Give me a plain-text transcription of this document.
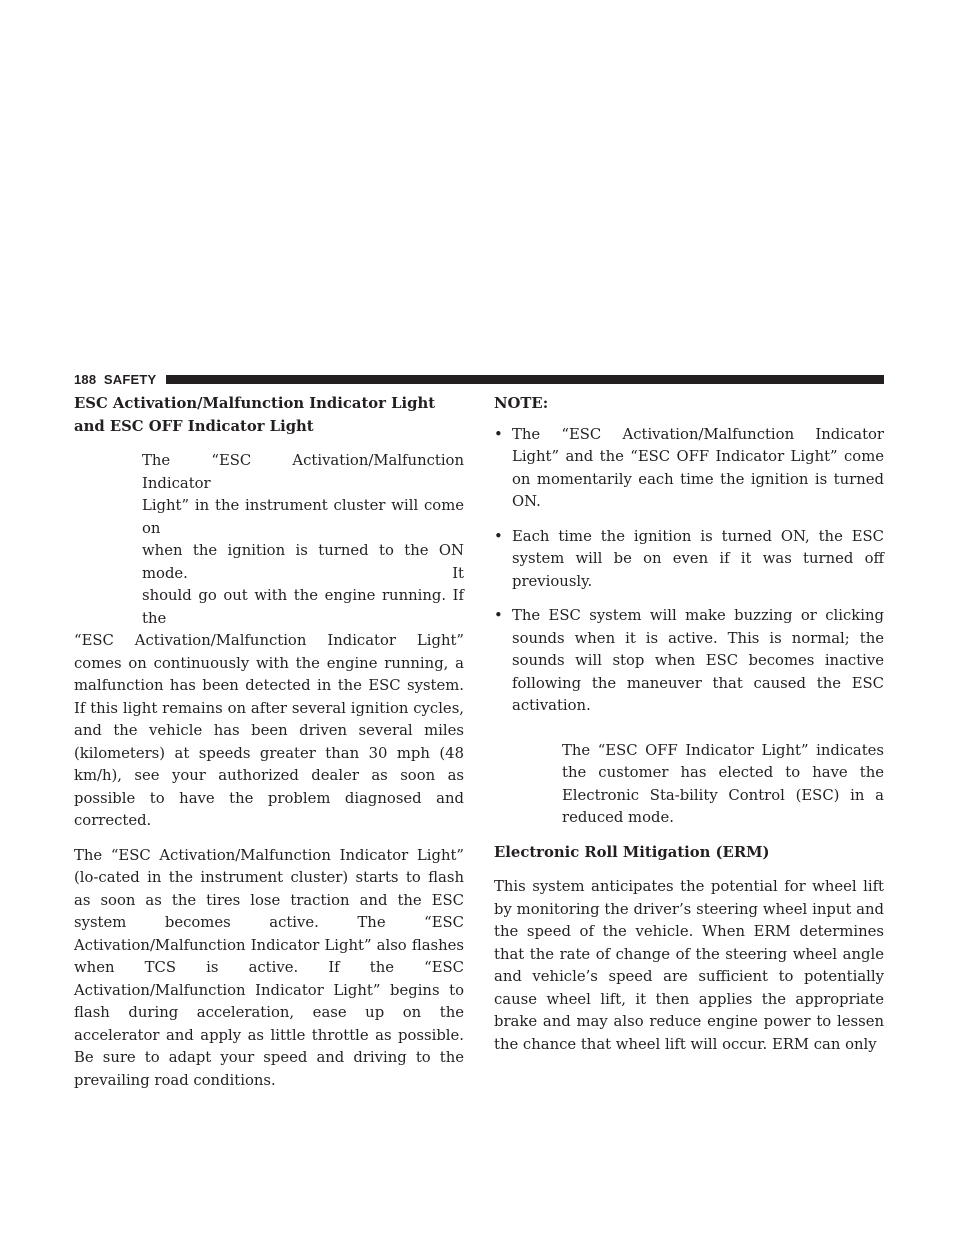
188 SAFETY
ESC Activation/Malfunction Indicator Light and ESC OFF Indicator Light

The “ESC Activation/Malfunction Indicator

Light” in the instrument cluster will come on

when the ignition is turned to the ON mode. It

should go out with the engine running. If the

“ESC Activation/Malfunction Indicator Light” comes on continuously with the engine running, a malfunction has been detected in the ESC system. If this light remains on after several ignition cycles, and the vehicle has been driven several miles (kilometers) at speeds greater than 30 mph (48 km/h), see your authorized dealer as soon as possible to have the problem diagnosed and corrected.

The “ESC Activation/Malfunction Indicator Light” (lo-cated in the instrument cluster) starts to flash as soon as the tires lose traction and the ESC system becomes active. The “ESC Activation/Malfunction Indicator Light” also flashes when TCS is active. If the “ESC Activation/Malfunction Indicator Light” begins to flash during acceleration, ease up on the accelerator and apply as little throttle as possible. Be sure to adapt your speed and driving to the prevailing road conditions.

NOTE:
• The “ESC Activation/Malfunction Indicator Light” and the “ESC OFF Indicator Light” come on momentarily each time the ignition is turned ON.
• Each time the ignition is turned ON, the ESC system will be on even if it was turned off previously.
• The ESC system will make buzzing or clicking sounds when it is active. This is normal; the sounds will stop when ESC becomes inactive following the maneuver that caused the ESC activation.

The “ESC OFF Indicator Light” indicates the customer has elected to have the Electronic Sta-bility Control (ESC) in a reduced mode.

Electronic Roll Mitigation (ERM)

This system anticipates the potential for wheel lift by monitoring the driver’s steering wheel input and the speed of the vehicle. When ERM determines that the rate of change of the steering wheel angle and vehicle’s speed are sufficient to potentially cause wheel lift, it then applies the appropriate brake and may also reduce engine power to lessen the chance that wheel lift will occur. ERM can only
